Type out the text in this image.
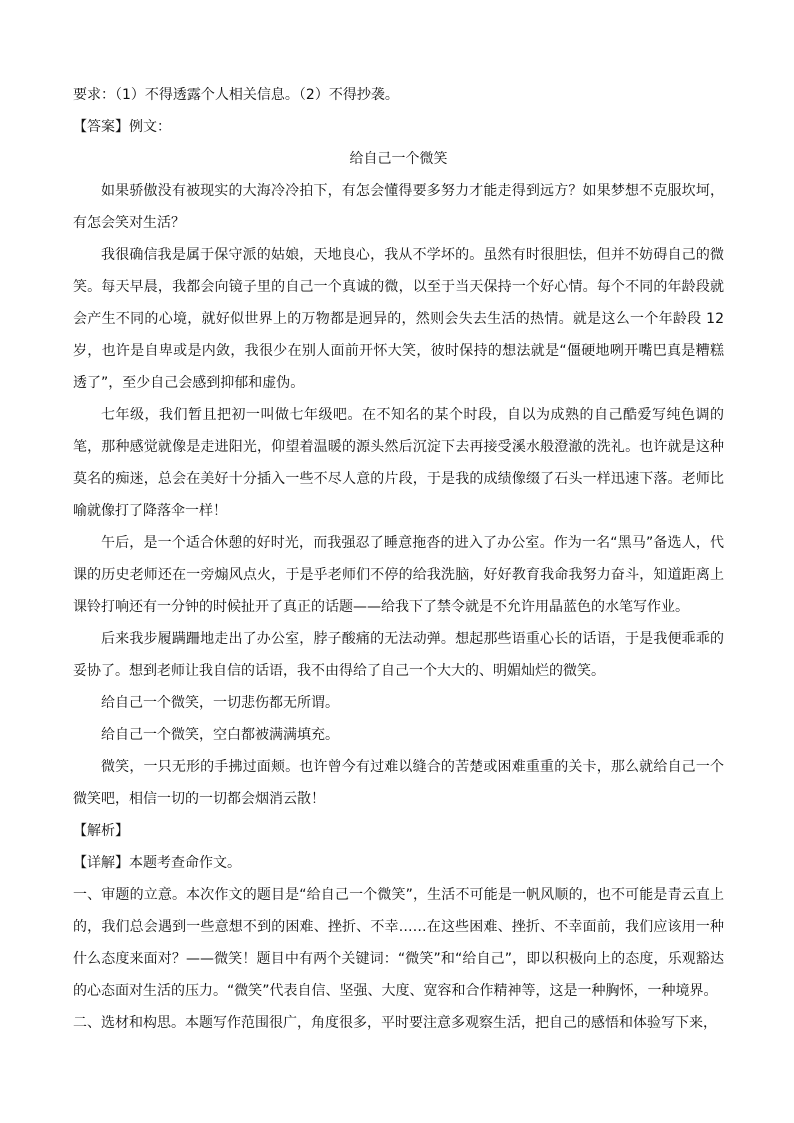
要求：（1）不得透露个人相关信息。（2）不得抄袭。

【答案】例文：

给自己一个微笑

如果骄傲没有被现实的大海冷冷拍下，有怎会懂得要多努力才能走得到远方？如果梦想不克服坎坷，有怎会笑对生活？

我很确信我是属于保守派的姑娘，天地良心，我从不学坏的。虽然有时很胆怯，但并不妨碍自己的微笑。每天早晨，我都会向镜子里的自己一个真诚的微，以至于当天保持一个好心情。每个不同的年龄段就会产生不同的心境，就好似世界上的万物都是迥异的，然则会失去生活的热情。就是这么一个年龄段 12 岁，也许是自卑或是内敛，我很少在别人面前开怀大笑，彼时保持的想法就是“僵硬地咧开嘴巴真是糟糕透了”，至少自己会感到抑郁和虚伪。

七年级，我们暂且把初一叫做七年级吧。在不知名的某个时段，自以为成熟的自己酷爱写纯色调的笔，那种感觉就像是走进阳光，仰望着温暖的源头然后沉淀下去再接受溪水般澄澈的洗礼。也许就是这种莫名的痴迷，总会在美好十分插入一些不尽人意的片段，于是我的成绩像缀了石头一样迅速下落。老师比喻就像打了降落伞一样！

午后，是一个适合休憩的好时光，而我强忍了睡意拖沓的进入了办公室。作为一名“黑马”备选人，代课的历史老师还在一旁煽风点火，于是乎老师们不停的给我洗脑，好好教育我命我努力奋斗，知道距离上课铃打响还有一分钟的时候扯开了真正的话题——给我下了禁令就是不允许用晶蓝色的水笔写作业。

后来我步履蹒跚地走出了办公室，脖子酸痛的无法动弹。想起那些语重心长的话语，于是我便乖乖的妥协了。想到老师让我自信的话语，我不由得给了自己一个大大的、明媚灿烂的微笑。

给自己一个微笑，一切悲伤都无所谓。

给自己一个微笑，空白都被满满填充。

微笑，一只无形的手拂过面颊。也许曾今有过难以缝合的苦楚或困难重重的关卡，那么就给自己一个微笑吧，相信一切的一切都会烟消云散！

【解析】

【详解】本题考查命作文。

一、审题的立意。本次作文的题目是“给自己一个微笑”，生活不可能是一帆风顺的，也不可能是青云直上的，我们总会遇到一些意想不到的困难、挫折、不幸……在这些困难、挫折、不幸面前，我们应该用一种什么态度来面对？——微笑！题目中有两个关键词：“微笑”和“给自己”，即以积极向上的态度，乐观豁达的心态面对生活的压力。“微笑”代表自信、坚强、大度、宽容和合作精神等，这是一种胸怀，一种境界。

二、选材和构思。本题写作范围很广，角度很多，平时要注意多观察生活，把自己的感悟和体验写下来，
